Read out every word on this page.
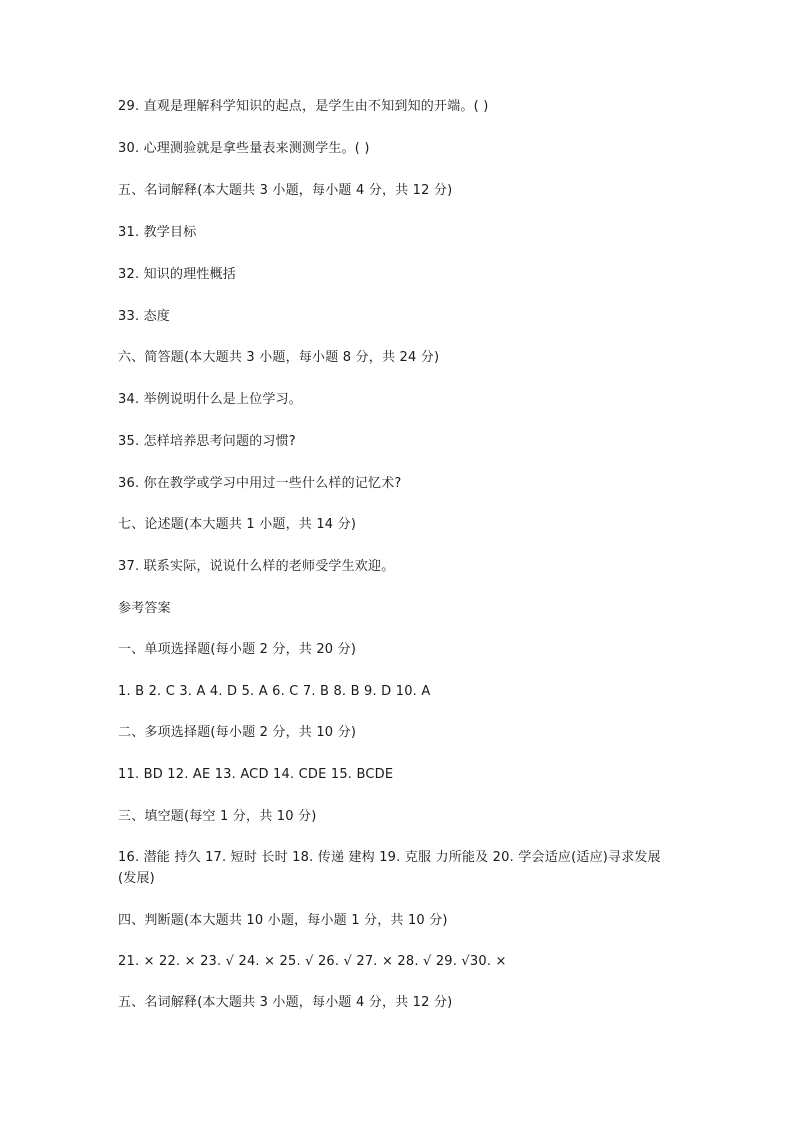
29. 直观是理解科学知识的起点，是学生由不知到知的开端。( )
30. 心理测验就是拿些量表来测测学生。( )
五、名词解释(本大题共 3 小题，每小题 4 分，共 12 分)
31. 教学目标
32. 知识的理性概括
33. 态度
六、简答题(本大题共 3 小题，每小题 8 分，共 24 分)
34. 举例说明什么是上位学习。
35. 怎样培养思考问题的习惯?
36. 你在教学或学习中用过一些什么样的记忆术?
七、论述题(本大题共 1 小题，共 14 分)
37. 联系实际，说说什么样的老师受学生欢迎。
参考答案
一、单项选择题(每小题 2 分，共 20 分)
1. B 2. C 3. A 4. D 5. A 6. C 7. B 8. B 9. D 10. A
二、多项选择题(每小题 2 分，共 10 分)
11. BD 12. AE 13. ACD 14. CDE 15. BCDE
三、填空题(每空 1 分，共 10 分)
16. 潜能 持久 17. 短时 长时 18. 传递 建构 19. 克服 力所能及 20. 学会适应(适应)寻求发展(发展)
四、判断题(本大题共 10 小题，每小题 1 分，共 10 分)
21. × 22. × 23. √ 24. × 25. √ 26. √ 27. × 28. √ 29. √30. ×
五、名词解释(本大题共 3 小题，每小题 4 分，共 12 分)
